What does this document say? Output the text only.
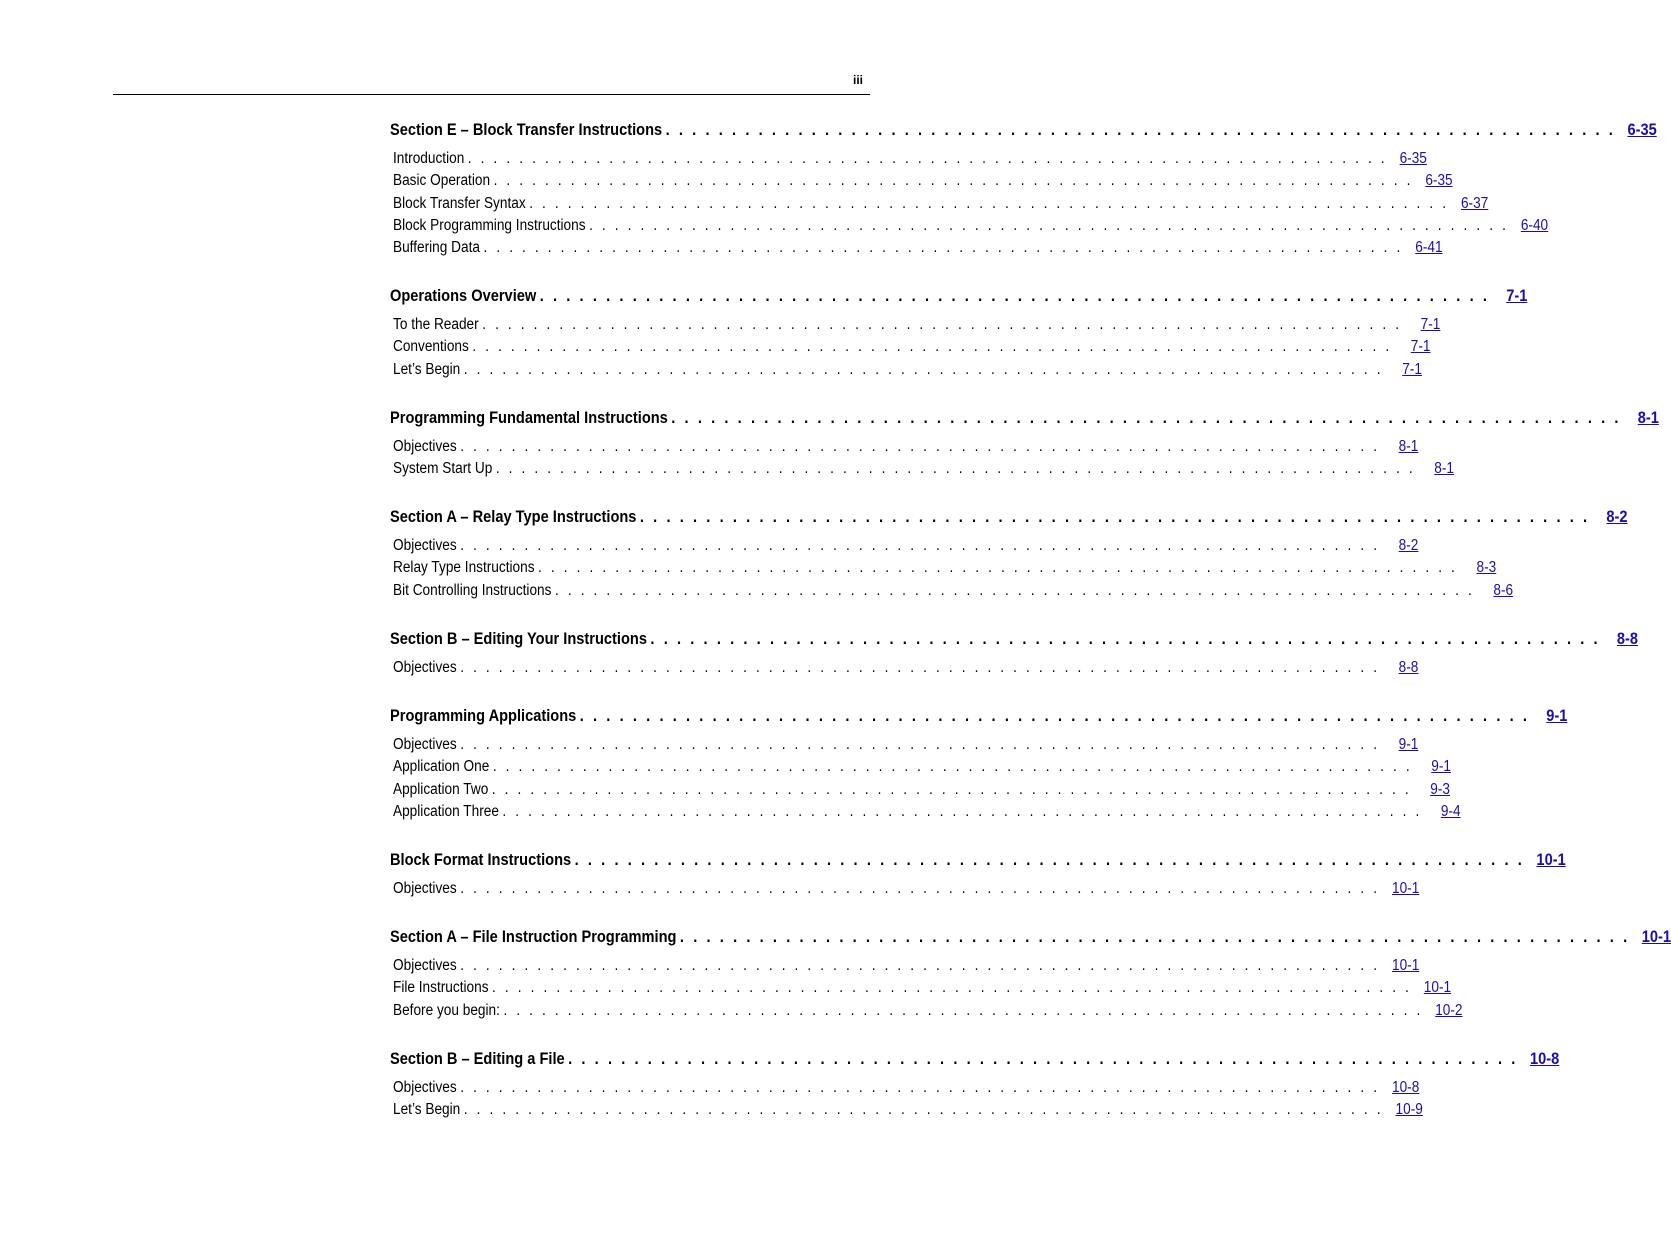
iii
Section E – Block Transfer Instructions . . . . . . . . . . . . . . . . . . . . . . . . . . . . . . . . . . . . . . . . . . . . . . . . . . . . . . . . . . . . . . . . . . . . . . . . 6-35
Introduction . . . . . . . . . . . . . . . . . . . . . . . . . . . . . . . . . . . . . . . . . . . . . . . . . . . . . . . . . . . . . . . . . . . . . . . . 6-35
Basic Operation . . . . . . . . . . . . . . . . . . . . . . . . . . . . . . . . . . . . . . . . . . . . . . . . . . . . . . . . . . . . . . . . . . . . . . . . 6-35
Block Transfer Syntax . . . . . . . . . . . . . . . . . . . . . . . . . . . . . . . . . . . . . . . . . . . . . . . . . . . . . . . . . . . . . . . . . . . . . . . . 6-37
Block Programming Instructions . . . . . . . . . . . . . . . . . . . . . . . . . . . . . . . . . . . . . . . . . . . . . . . . . . . . . . . . . . . . . . . . . . . . . . . . 6-40
Buffering Data . . . . . . . . . . . . . . . . . . . . . . . . . . . . . . . . . . . . . . . . . . . . . . . . . . . . . . . . . . . . . . . . . . . . . . . . 6-41
Operations Overview . . . . . . . . . . . . . . . . . . . . . . . . . . . . . . . . . . . . . . . . . . . . . . . . . . . . . . . . . . . . . . . . . . . . . . . . 7-1
To the Reader . . . . . . . . . . . . . . . . . . . . . . . . . . . . . . . . . . . . . . . . . . . . . . . . . . . . . . . . . . . . . . . . . . . . . . . .	7-1
Conventions . . . . . . . . . . . . . . . . . . . . . . . . . . . . . . . . . . . . . . . . . . . . . . . . . . . . . . . . . . . . . . . . . . . . . . . .	7-1
Let’s Begin . . . . . . . . . . . . . . . . . . . . . . . . . . . . . . . . . . . . . . . . . . . . . . . . . . . . . . . . . . . . . . . . . . . . . . . .	7-1
Programming Fundamental Instructions . . . . . . . . . . . . . . . . . . . . . . . . . . . . . . . . . . . . . . . . . . . . . . . . . . . . . . . . . . . . . . . . . . . . . . . . 8-1
Objectives . . . . . . . . . . . . . . . . . . . . . . . . . . . . . . . . . . . . . . . . . . . . . . . . . . . . . . . . . . . . . . . . . . . . . . . .	8-1
System Start Up . . . . . . . . . . . . . . . . . . . . . . . . . . . . . . . . . . . . . . . . . . . . . . . . . . . . . . . . . . . . . . . . . . . . . . . .	8-1
Section A – Relay Type Instructions . . . . . . . . . . . . . . . . . . . . . . . . . . . . . . . . . . . . . . . . . . . . . . . . . . . . . . . . . . . . . . . . . . . . . . . . 8-2
Objectives . . . . . . . . . . . . . . . . . . . . . . . . . . . . . . . . . . . . . . . . . . . . . . . . . . . . . . . . . . . . . . . . . . . . . . . .	8-2
Relay Type Instructions . . . . . . . . . . . . . . . . . . . . . . . . . . . . . . . . . . . . . . . . . . . . . . . . . . . . . . . . . . . . . . . . . . . . . . . .	8-3
Bit Controlling Instructions . . . . . . . . . . . . . . . . . . . . . . . . . . . . . . . . . . . . . . . . . . . . . . . . . . . . . . . . . . . . . . . . . . . . . . . .	8-6
Section B – Editing Your Instructions . . . . . . . . . . . . . . . . . . . . . . . . . . . . . . . . . . . . . . . . . . . . . . . . . . . . . . . . . . . . . . . . . . . . . . . . 8-8
Objectives . . . . . . . . . . . . . . . . . . . . . . . . . . . . . . . . . . . . . . . . . . . . . . . . . . . . . . . . . . . . . . . . . . . . . . . .	8-8
Programming Applications . . . . . . . . . . . . . . . . . . . . . . . . . . . . . . . . . . . . . . . . . . . . . . . . . . . . . . . . . . . . . . . . . . . . . . . . 9-1
Objectives . . . . . . . . . . . . . . . . . . . . . . . . . . . . . . . . . . . . . . . . . . . . . . . . . . . . . . . . . . . . . . . . . . . . . . . .	9-1
Application One . . . . . . . . . . . . . . . . . . . . . . . . . . . . . . . . . . . . . . . . . . . . . . . . . . . . . . . . . . . . . . . . . . . . . . . .	9-1
Application Two . . . . . . . . . . . . . . . . . . . . . . . . . . . . . . . . . . . . . . . . . . . . . . . . . . . . . . . . . . . . . . . . . . . . . . . .	9-3
Application Three . . . . . . . . . . . . . . . . . . . . . . . . . . . . . . . . . . . . . . . . . . . . . . . . . . . . . . . . . . . . . . . . . . . . . . . .	9-4
Block Format Instructions . . . . . . . . . . . . . . . . . . . . . . . . . . . . . . . . . . . . . . . . . . . . . . . . . . . . . . . . . . . . . . . . . . . . . . . . 10-1
Objectives . . . . . . . . . . . . . . . . . . . . . . . . . . . . . . . . . . . . . . . . . . . . . . . . . . . . . . . . . . . . . . . . . . . . . . . . 10-1
Section A – File Instruction Programming . . . . . . . . . . . . . . . . . . . . . . . . . . . . . . . . . . . . . . . . . . . . . . . . . . . . . . . . . . . . . . . . . . . . . . . . 10-1
Objectives . . . . . . . . . . . . . . . . . . . . . . . . . . . . . . . . . . . . . . . . . . . . . . . . . . . . . . . . . . . . . . . . . . . . . . . . 10-1
File Instructions . . . . . . . . . . . . . . . . . . . . . . . . . . . . . . . . . . . . . . . . . . . . . . . . . . . . . . . . . . . . . . . . . . . . . . . . 10-1
Before you begin: . . . . . . . . . . . . . . . . . . . . . . . . . . . . . . . . . . . . . . . . . . . . . . . . . . . . . . . . . . . . . . . . . . . . . . . . 10-2
Section B – Editing a File . . . . . . . . . . . . . . . . . . . . . . . . . . . . . . . . . . . . . . . . . . . . . . . . . . . . . . . . . . . . . . . . . . . . . . . . 10-8
Objectives . . . . . . . . . . . . . . . . . . . . . . . . . . . . . . . . . . . . . . . . . . . . . . . . . . . . . . . . . . . . . . . . . . . . . . . . 10-8
Let’s Begin . . . . . . . . . . . . . . . . . . . . . . . . . . . . . . . . . . . . . . . . . . . . . . . . . . . . . . . . . . . . . . . . . . . . . . . . 10-9
